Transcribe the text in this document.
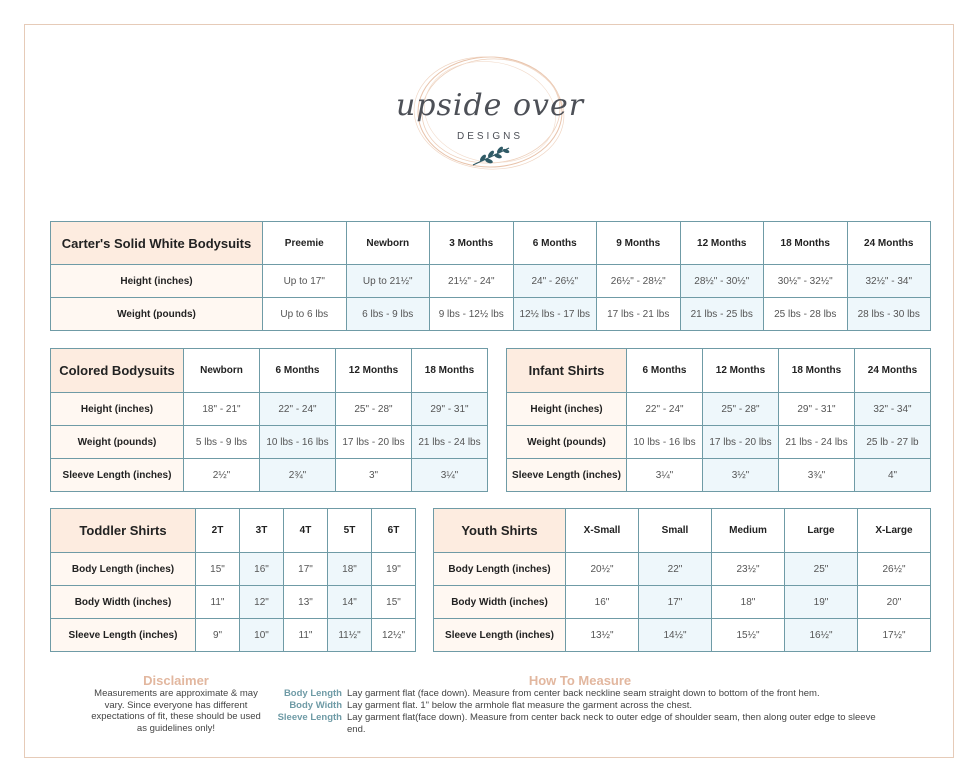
upside over
DESIGNS
Carter's Solid White Bodysuits	Preemie	Newborn	3 Months	6 Months	9 Months	12 Months	18 Months	24 Months
Height (inches)	Up to 17"	Up to 21½"	21½" - 24"	24" - 26½"	26½" - 28½"	28½" - 30½"	30½" - 32½"	32½" - 34"
Weight (pounds)	Up to 6 lbs	6 lbs - 9 lbs	9 lbs - 12½ lbs	12½ lbs - 17 lbs	17 lbs - 21 lbs	21 lbs - 25 lbs	25 lbs - 28 lbs	28 lbs - 30 lbs
Colored Bodysuits	Newborn	6 Months	12 Months	18 Months
Height (inches)	18" - 21"	22" - 24"	25" - 28"	29" - 31"
Weight (pounds)	5 lbs - 9 lbs	10 lbs - 16 lbs	17 lbs - 20 lbs	21 lbs - 24 lbs
Sleeve Length (inches)	2½"	2¾"	3"	3¼"
Infant Shirts	6 Months	12 Months	18 Months	24 Months
Height (inches)	22" - 24"	25" - 28"	29" - 31"	32" - 34"
Weight (pounds)	10 lbs - 16 lbs	17 lbs - 20 lbs	21 lbs - 24 lbs	25 lb - 27 lb
Sleeve Length (inches)	3¼"	3½"	3¾"	4"
Toddler Shirts	2T	3T	4T	5T	6T
Body Length (inches)	15"	16"	17"	18"	19"
Body Width (inches)	11"	12"	13"	14"	15"
Sleeve Length (inches)	9"	10"	11"	11½"	12½"
Youth Shirts	X-Small	Small	Medium	Large	X-Large
Body Length (inches)	20½"	22"	23½"	25"	26½"
Body Width (inches)	16"	17"	18"	19"	20"
Sleeve Length (inches)	13½"	14½"	15½"	16½"	17½"
Disclaimer
Measurements are approximate & may vary. Since everyone has different expectations of fit, these should be used as guidelines only!
How To Measure
Body Length Lay garment flat (face down). Measure from center back neckline seam straight down to bottom of the front hem.
Body Width Lay garment flat. 1" below the armhole flat measure the garment across the chest.
Sleeve Length Lay garment flat(face down). Measure from center back neck to outer edge of shoulder seam, then along outer edge to sleeve end.
